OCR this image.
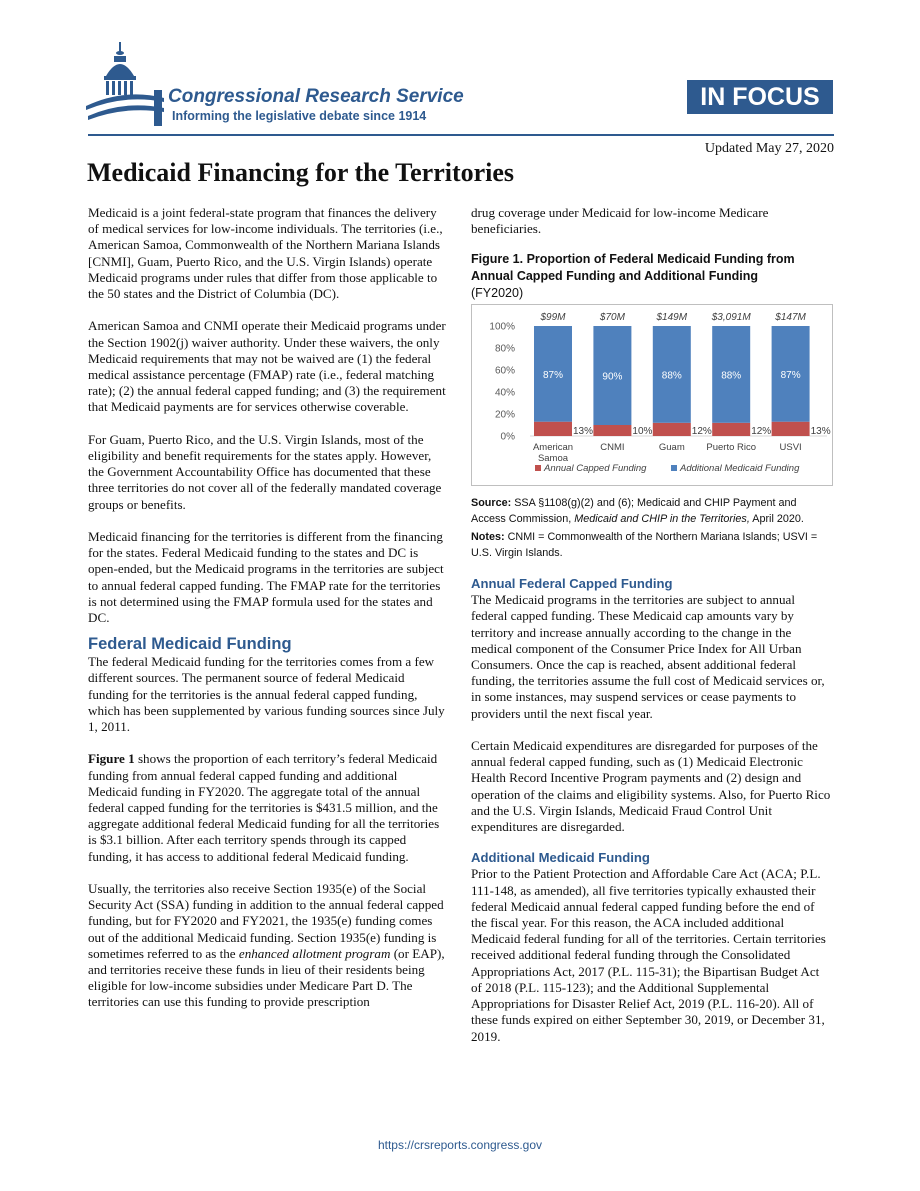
Congressional Research Service
Informing the legislative debate since 1914
IN FOCUS
Updated May 27, 2020
Medicaid Financing for the Territories

Medicaid is a joint federal-state program that finances the delivery of medical services for low-income individuals. The territories (i.e., American Samoa, Commonwealth of the Northern Mariana Islands [CNMI], Guam, Puerto Rico, and the U.S. Virgin Islands) operate Medicaid programs under rules that differ from those applicable to the 50 states and the District of Columbia (DC).

American Samoa and CNMI operate their Medicaid programs under the Section 1902(j) waiver authority. Under these waivers, the only Medicaid requirements that may not be waived are (1) the federal medical assistance percentage (FMAP) rate (i.e., federal matching rate); (2) the annual federal capped funding; and (3) the requirement that Medicaid payments are for services otherwise coverable.

For Guam, Puerto Rico, and the U.S. Virgin Islands, most of the eligibility and benefit requirements for the states apply. However, the Government Accountability Office has documented that these three territories do not cover all of the federally mandated coverage groups or benefits.

Medicaid financing for the territories is different from the financing for the states. Federal Medicaid funding to the states and DC is open-ended, but the Medicaid programs in the territories are subject to annual federal capped funding. The FMAP rate for the territories is not determined using the FMAP formula used for the states and DC.

Federal Medicaid Funding

The federal Medicaid funding for the territories comes from a few different sources. The permanent source of federal Medicaid funding for the territories is the annual federal capped funding, which has been supplemented by various funding sources since July 1, 2011.

Figure 1 shows the proportion of each territory’s federal Medicaid funding from annual federal capped funding and additional Medicaid funding in FY2020. The aggregate total of the annual federal capped funding for the territories is $431.5 million, and the aggregate additional federal Medicaid funding for all the territories is $3.1 billion. After each territory spends through its capped funding, it has access to additional federal Medicaid funding.

Usually, the territories also receive Section 1935(e) of the Social Security Act (SSA) funding in addition to the annual federal capped funding, but for FY2020 and FY2021, the 1935(e) funding comes out of the additional Medicaid funding. Section 1935(e) funding is sometimes referred to as the enhanced allotment program (or EAP), and territories receive these funds in lieu of their residents being eligible for low-income subsidies under Medicare Part D. The territories can use this funding to provide prescription

drug coverage under Medicaid for low-income Medicare beneficiaries.

Figure 1. Proportion of Federal Medicaid Funding from Annual Capped Funding and Additional Funding
(FY2020)
0%
20%
40%
60%
80%
100%
87%
13%
$99M
American
Samoa
90%
10%
$70M
CNMI
88%
12%
$149M
Guam
88%
12%
$3,091M
Puerto Rico
87%
13%
$147M
USVI
Annual Capped Funding	Additional Medicaid Funding
Source: SSA §1108(g)(2) and (6); Medicaid and CHIP Payment and Access Commission, Medicaid and CHIP in the Territories, April 2020.
Notes: CNMI = Commonwealth of the Northern Mariana Islands; USVI = U.S. Virgin Islands.
Annual Federal Capped Funding

The Medicaid programs in the territories are subject to annual federal capped funding. These Medicaid cap amounts vary by territory and increase annually according to the change in the medical component of the Consumer Price Index for All Urban Consumers. Once the cap is reached, absent additional federal funding, the territories assume the full cost of Medicaid services or, in some instances, may suspend services or cease payments to providers until the next fiscal year.

Certain Medicaid expenditures are disregarded for purposes of the annual federal capped funding, such as (1) Medicaid Electronic Health Record Incentive Program payments and (2) design and operation of the claims and eligibility systems. Also, for Puerto Rico and the U.S. Virgin Islands, Medicaid Fraud Control Unit expenditures are disregarded.

Additional Medicaid Funding

Prior to the Patient Protection and Affordable Care Act (ACA; P.L. 111-148, as amended), all five territories typically exhausted their federal Medicaid annual federal capped funding before the end of the fiscal year. For this reason, the ACA included additional Medicaid federal funding for all of the territories. Certain territories received additional federal funding through the Consolidated Appropriations Act, 2017 (P.L. 115-31); the Bipartisan Budget Act of 2018 (P.L. 115-123); and the Additional Supplemental Appropriations for Disaster Relief Act, 2019 (P.L. 116-20). All of these funds expired on either September 30, 2019, or December 31, 2019.

https://crsreports.congress.gov
